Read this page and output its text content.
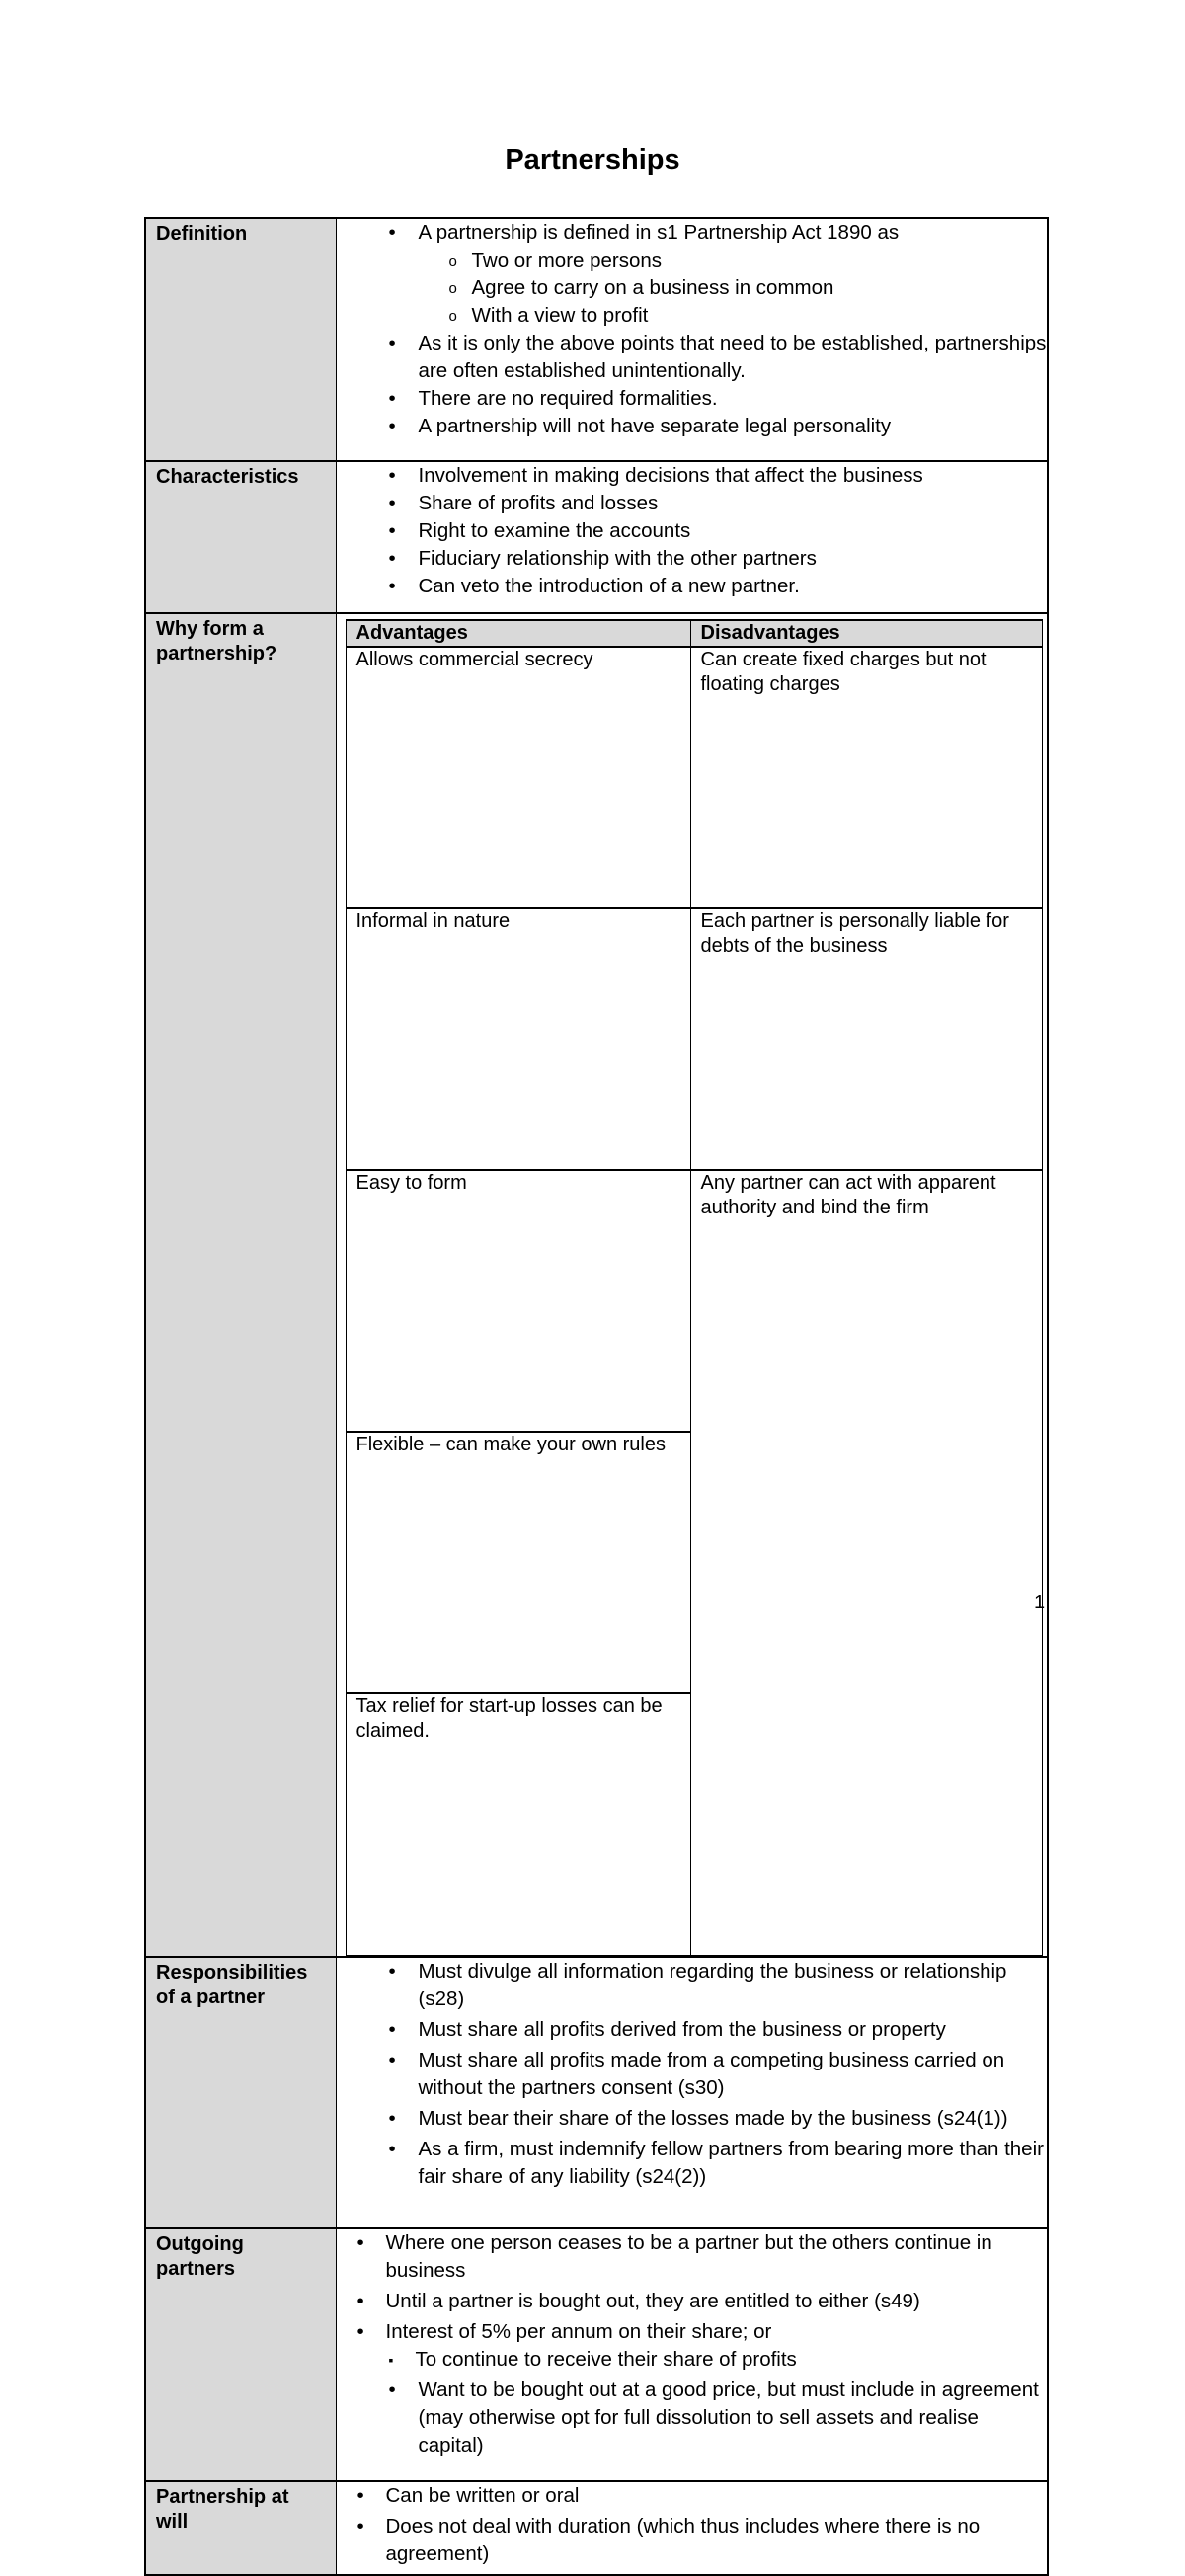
Partnerships
Definition	
•A partnership is defined in s1 Partnership Act 1890 as
o Two or more persons
o Agree to carry on a business in common
o With a view to profit
• As it is only the above points that need to be established, partnerships are often established unintentionally.
• There are no required formalities.
• A partnership will not have separate legal personality

Characteristics	
•Involvement in making decisions that affect the business
• Share of profits and losses
• Right to examine the accounts
• Fiduciary relationship with the other partners
• Can veto the introduction of a new partner.

Why form a partnership?	
Advantages	Disadvantages
Allows commercial secrecy	Can create fixed charges but not floating charges
Informal in nature	Each partner is personally liable for debts of the business
Easy to form	Any partner can act with apparent authority and bind the firm
Flexible – can make your own rules
Tax relief for start-up losses can be claimed.

Responsibilities of a partner	
• Must divulge all information regarding the business or relationship (s28)
• Must share all profits derived from the business or property
• Must share all profits made from a competing business carried on without the partners consent (s30)
• Must bear their share of the losses made by the business (s24(1))
• As a firm, must indemnify fellow partners from bearing more than their fair share of any liability (s24(2))

Outgoing partners	
• Where one person ceases to be a partner but the others continue in business
• Until a partner is bought out, they are entitled to either (s49)
• Interest of 5% per annum on their share; or
▪ To continue to receive their share of profits
• Want to be bought out at a good price, but must include in agreement (may otherwise opt for full dissolution to sell assets and realise capital)

Partnership at will	
• Can be written or oral
• Does not deal with duration (which thus includes where there is no agreement)
1
